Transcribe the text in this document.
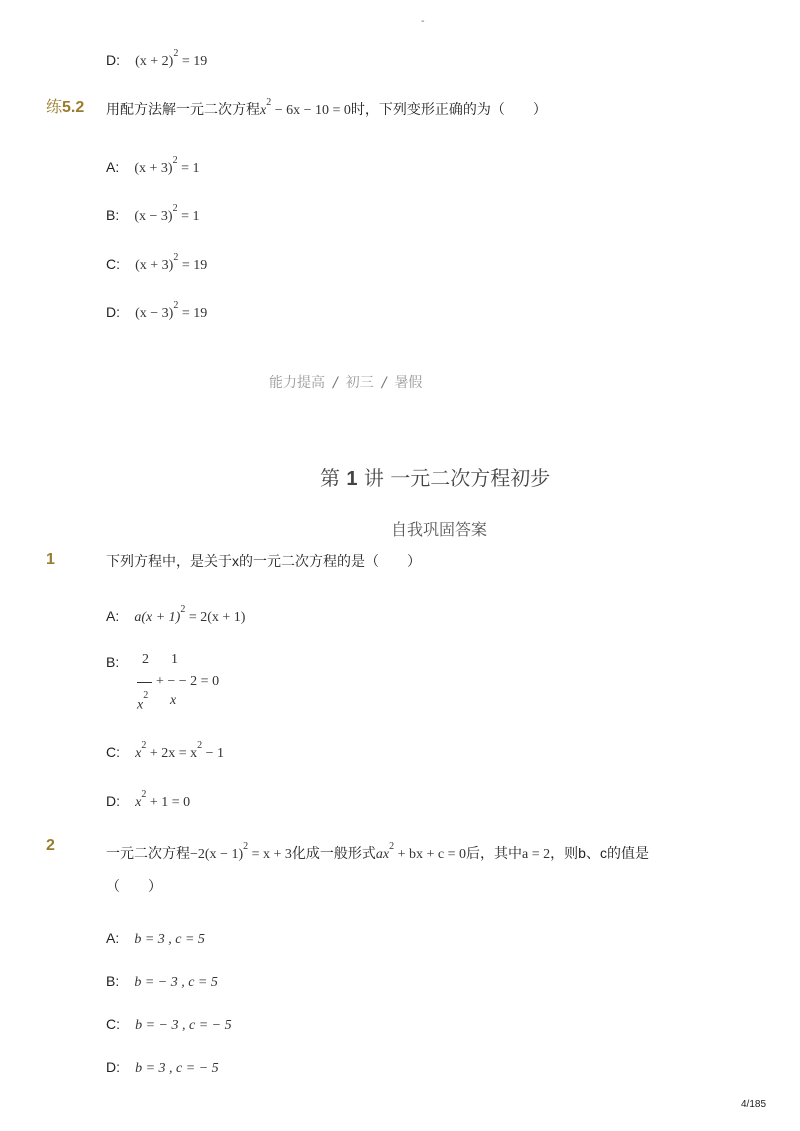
-
D: $(x + 2)^2 = 19$
练5.2 用配方法解一元二次方程$x^2 - 6x - 10 = 0$时，下列变形正确的为（　　）
A: $(x + 3)^2 = 1$
B: $(x - 3)^2 = 1$
C: $(x + 3)^2 = 19$
D: $(x - 3)^2 = 19$
能力提高 / 初三 / 暑假
第 1 讲 一元二次方程初步
自我巩固答案
1	下列方程中，是关于x的一元二次方程的是（　　）
A: $a(x + 1)^2 = 2(x + 1)$
B: 2 1
+ − − 2 = 0
$x^2$ x
C: $x^2 + 2x = x^2 - 1$
D: $x^2 + 1 = 0$
2	一元二次方程$-2(x - 1)^2 = x + 3$化成一般形式$ax^2$ + bx + c = 0后，其中a = 2，则b、c的值是
（　　）
A: b = 3 , c = 5
B: b = − 3 , c = 5
C: b = − 3 , c = − 5
D: b = 3 , c = − 5
4/185
